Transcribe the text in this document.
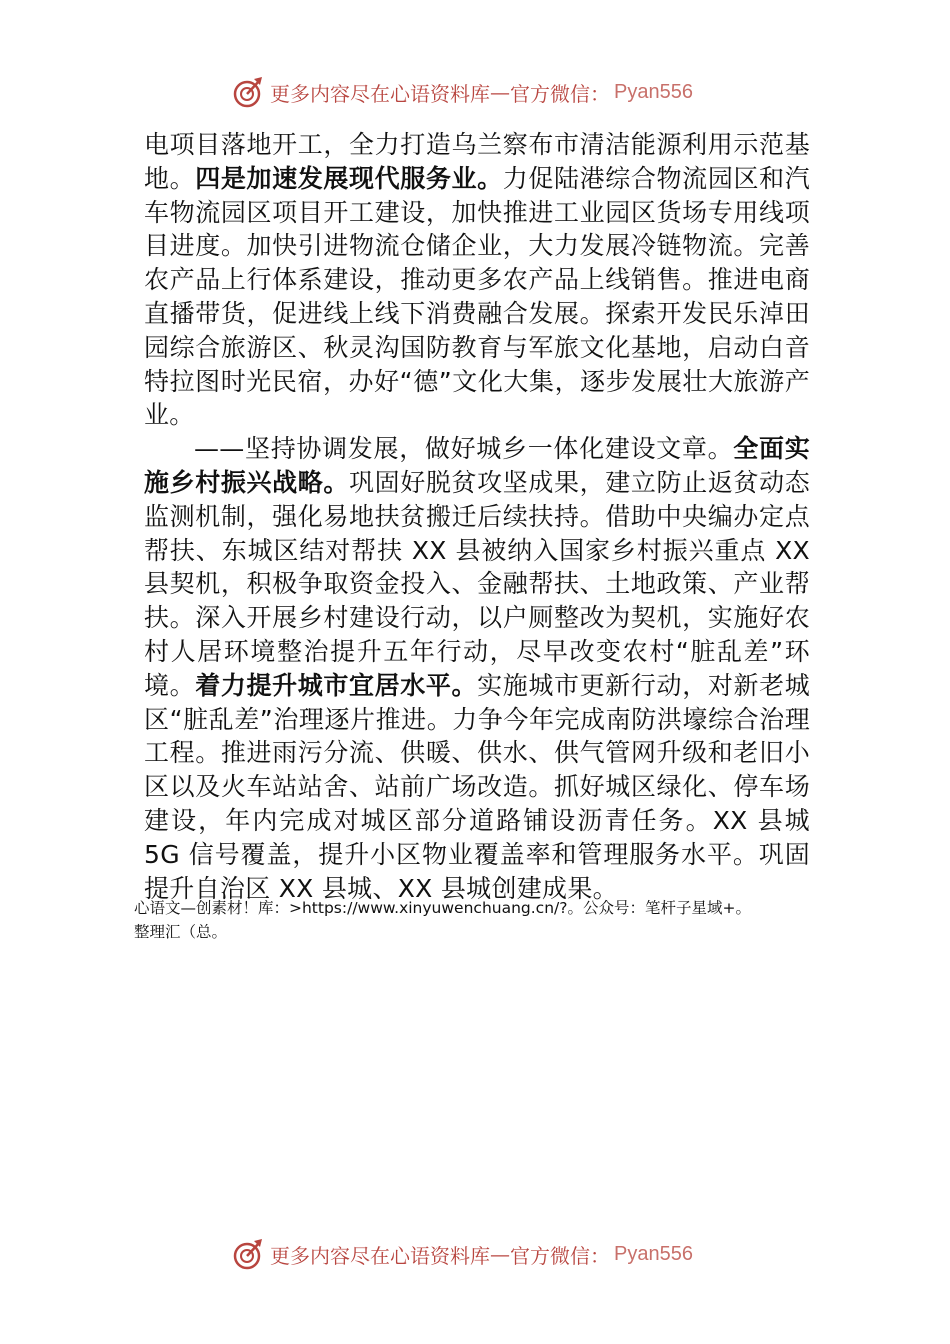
更多内容尽在心语资料库 — 官方微信： Pyan556

电项目落地开工，全力打造乌兰察布市清洁能源利用示范基地。四是加速发展现代服务业。力促陆港综合物流园区和汽车物流园区项目开工建设，加快推进工业园区货场专用线项目进度。加快引进物流仓储企业，大力发展冷链物流。完善农产品上行体系建设，推动更多农产品上线销售。推进电商直播带货，促进线上线下消费融合发展。探索开发民乐淖田园综合旅游区、秋灵沟国防教育与军旅文化基地，启动白音特拉图时光民宿，办好“德”文化大集，逐步发展壮大旅游产业。

——坚持协调发展，做好城乡一体化建设文章。全面实施乡村振兴战略。巩固好脱贫攻坚成果，建立防止返贫动态监测机制，强化易地扶贫搬迁后续扶持。借助中央编办定点帮扶、东城区结对帮扶 XX 县被纳入国家乡村振兴重点 XX 县契机，积极争取资金投入、金融帮扶、土地政策、产业帮扶。深入开展乡村建设行动，以户厕整改为契机，实施好农村人居环境整治提升五年行动，尽早改变农村“脏乱差”环境。着力提升城市宜居水平。实施城市更新行动，对新老城区“脏乱差”治理逐片推进。力争今年完成南防洪壕综合治理工程。推进雨污分流、供暖、供水、供气管网升级和老旧小区以及火车站站舍、站前广场改造。抓好城区绿化、停车场建设，年内完成对城区部分道路铺设沥青任务。XX 县城 5G 信号覆盖，提升小区物业覆盖率和管理服务水平。巩固提升自治区 XX 县城、XX 县城创建成果。

心语文—创素材！库：>https://www.xinyuwenchuang.cn/?。公众号：笔杆子星域+。
整理汇（总。
更多内容尽在心语资料库 — 官方微信： Pyan556
